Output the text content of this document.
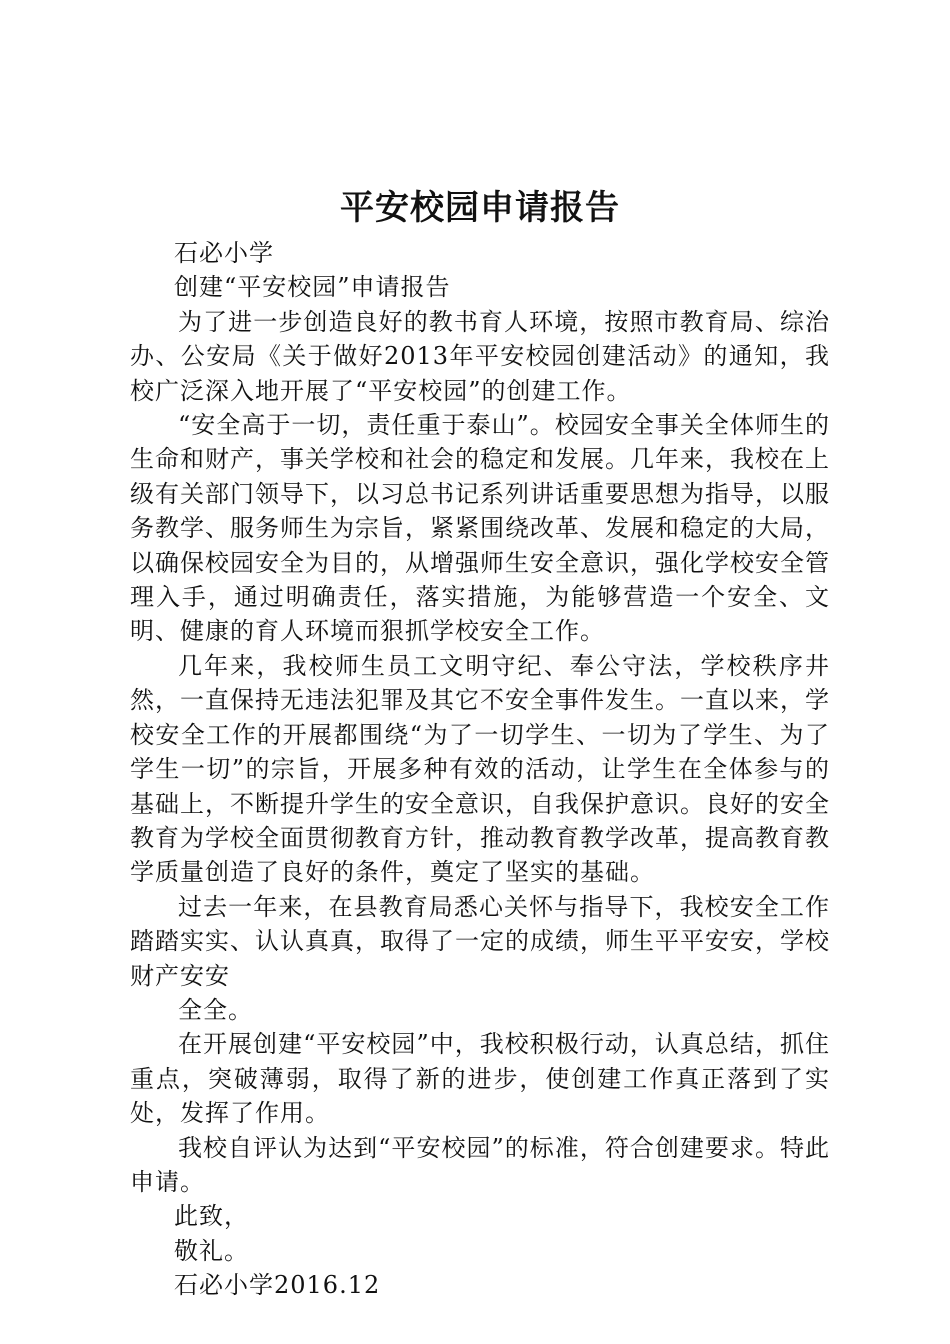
平安校园申请报告

石必小学

创建“平安校园”申请报告

为了进一步创造良好的教书育人环境，按照市教育局、综治办、公安局《关于做好2013年平安校园创建活动》的通知，我校广泛深入地开展了“平安校园”的创建工作。

“安全高于一切，责任重于泰山”。校园安全事关全体师生的生命和财产，事关学校和社会的稳定和发展。几年来，我校在上级有关部门领导下，以习总书记系列讲话重要思想为指导，以服务教学、服务师生为宗旨，紧紧围绕改革、发展和稳定的大局，以确保校园安全为目的，从增强师生安全意识，强化学校安全管理入手，通过明确责任，落实措施，为能够营造一个安全、文明、健康的育人环境而狠抓学校安全工作。

几年来，我校师生员工文明守纪、奉公守法，学校秩序井然，一直保持无违法犯罪及其它不安全事件发生。一直以来，学校安全工作的开展都围绕“为了一切学生、一切为了学生、为了学生一切”的宗旨，开展多种有效的活动，让学生在全体参与的基础上，不断提升学生的安全意识，自我保护意识。良好的安全教育为学校全面贯彻教育方针，推动教育教学改革，提高教育教学质量创造了良好的条件，奠定了坚实的基础。

过去一年来，在县教育局悉心关怀与指导下，我校安全工作踏踏实实、认认真真，取得了一定的成绩，师生平平安安，学校财产安安

全全。

在开展创建“平安校园”中，我校积极行动，认真总结，抓住重点，突破薄弱，取得了新的进步，使创建工作真正落到了实处，发挥了作用。

我校自评认为达到“平安校园”的标准，符合创建要求。特此申请。

此致，

敬礼。

石必小学2016.12
